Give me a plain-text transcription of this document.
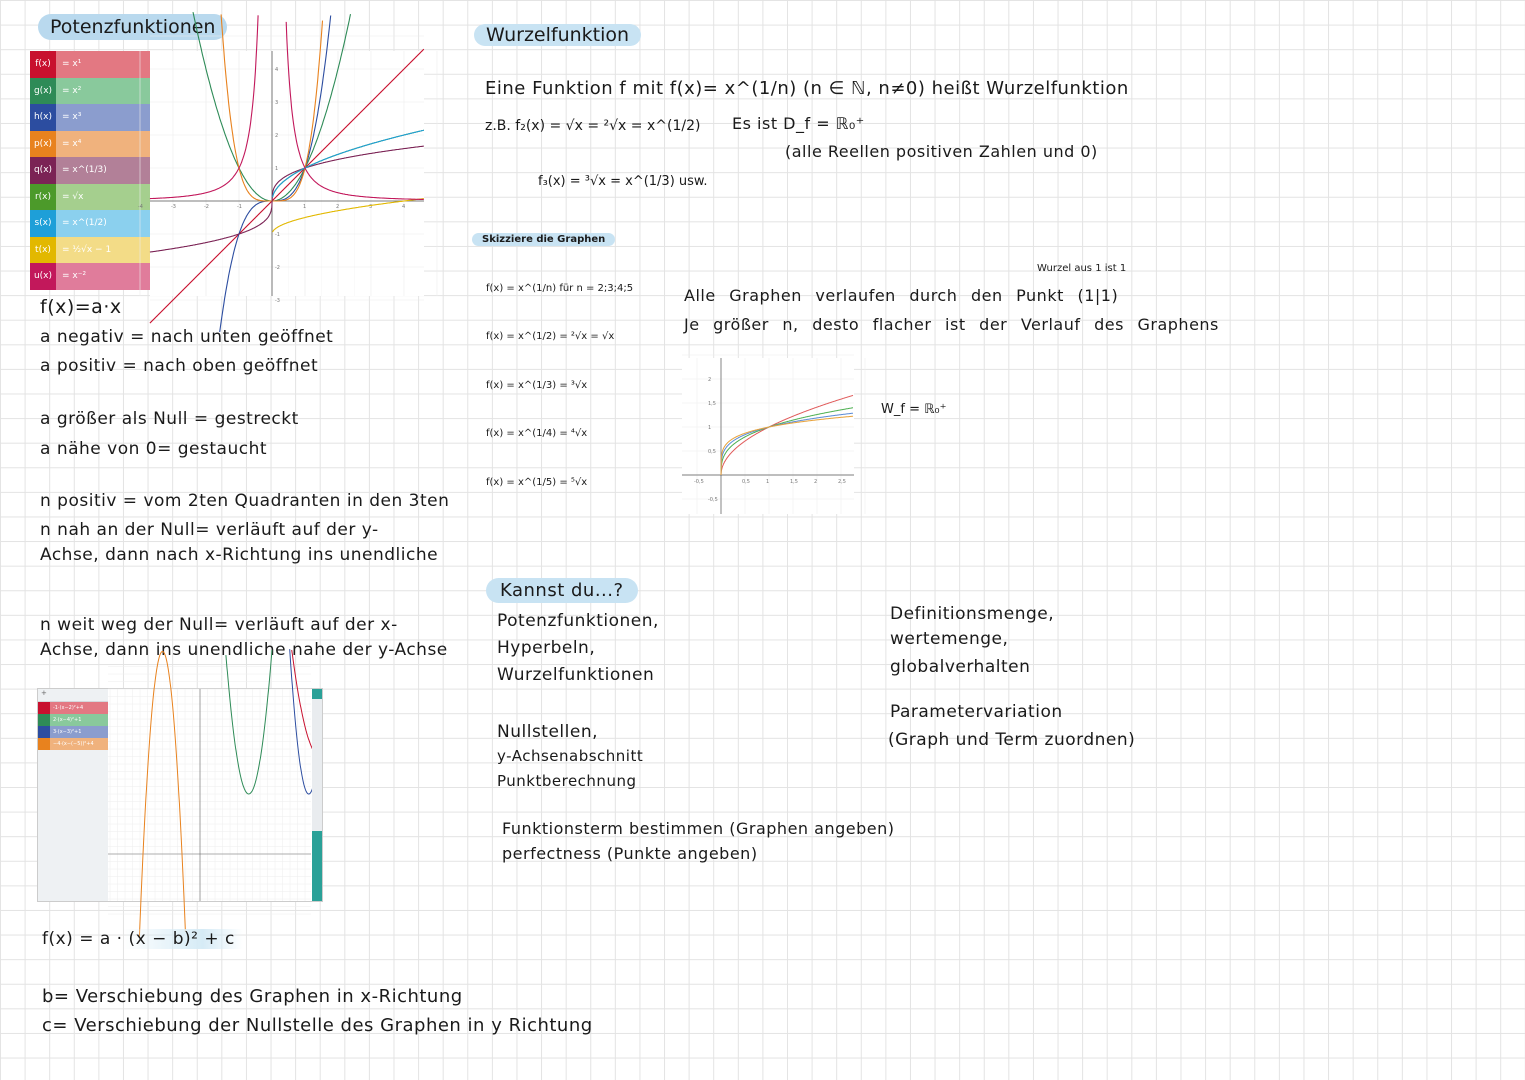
Potenzfunktionen
f(x)	= x¹
g(x)	= x²
h(x)	= x³
p(x)	= x⁴
q(x)	= x^(1/3)
r(x)	= √x
s(x)	= x^(1/2)
t(x)	= ½√x − 1
u(x)	= x⁻²
-4	-3	-2	-1	1	2	3	4
-3
-2
-1
1
2
3
4
f(x)=a·x
a negativ = nach unten geöffnet
a positiv = nach oben geöffnet
a größer als Null = gestreckt
a nähe von 0= gestaucht
n positiv = vom 2ten Quadranten in den 3ten
n nah an der Null= verläuft auf der y-
Achse, dann nach x-Richtung ins unendliche
n weit weg der Null= verläuft auf der x-
Achse, dann ins unendliche nahe der y-Achse
+
-1·(x−2)²+4
2·(x−4)²+1
3·(x−3)²+1
−4·(x−(−5))²+4
f(x) = a · (x − b)² + c
b= Verschiebung des Graphen in x-Richtung
c= Verschiebung der Nullstelle des Graphen in y Richtung
Wurzelfunktion
Eine Funktion f mit f(x)= x^(1/n) (n ∈ ℕ, n≠0) heißt Wurzelfunktion
z.B. f₂(x) = √x = ²√x = x^(1/2) Es ist D_f = ℝ₀⁺
(alle Reellen positiven Zahlen und 0)
f₃(x) = ³√x = x^(1/3) usw.
Skizziere die Graphen
f(x) = x^(1/n) für n = 2;3;4;5
f(x) = x^(1/2) = ²√x = √x
f(x) = x^(1/3) = ³√x
f(x) = x^(1/4) = ⁴√x
f(x) = x^(1/5) = ⁵√x
Wurzel aus 1 ist 1
Alle Graphen verlaufen durch den Punkt (1|1)
Je größer n, desto flacher ist der Verlauf des Graphens
-0,5	0,5	1	1,5	2	2,5
-0,5
0,5
1
1,5
2
W_f = ℝ₀⁺
Kannst du...?
Potenzfunktionen,
Hyperbeln,
Wurzelfunktionen
Nullstellen,
y-Achsenabschnitt
Punktberechnung
Funktionsterm bestimmen (Graphen angeben)
perfectness (Punkte angeben)
Definitionsmenge,
wertemenge,
globalverhalten
Parametervariation
(Graph und Term zuordnen)
